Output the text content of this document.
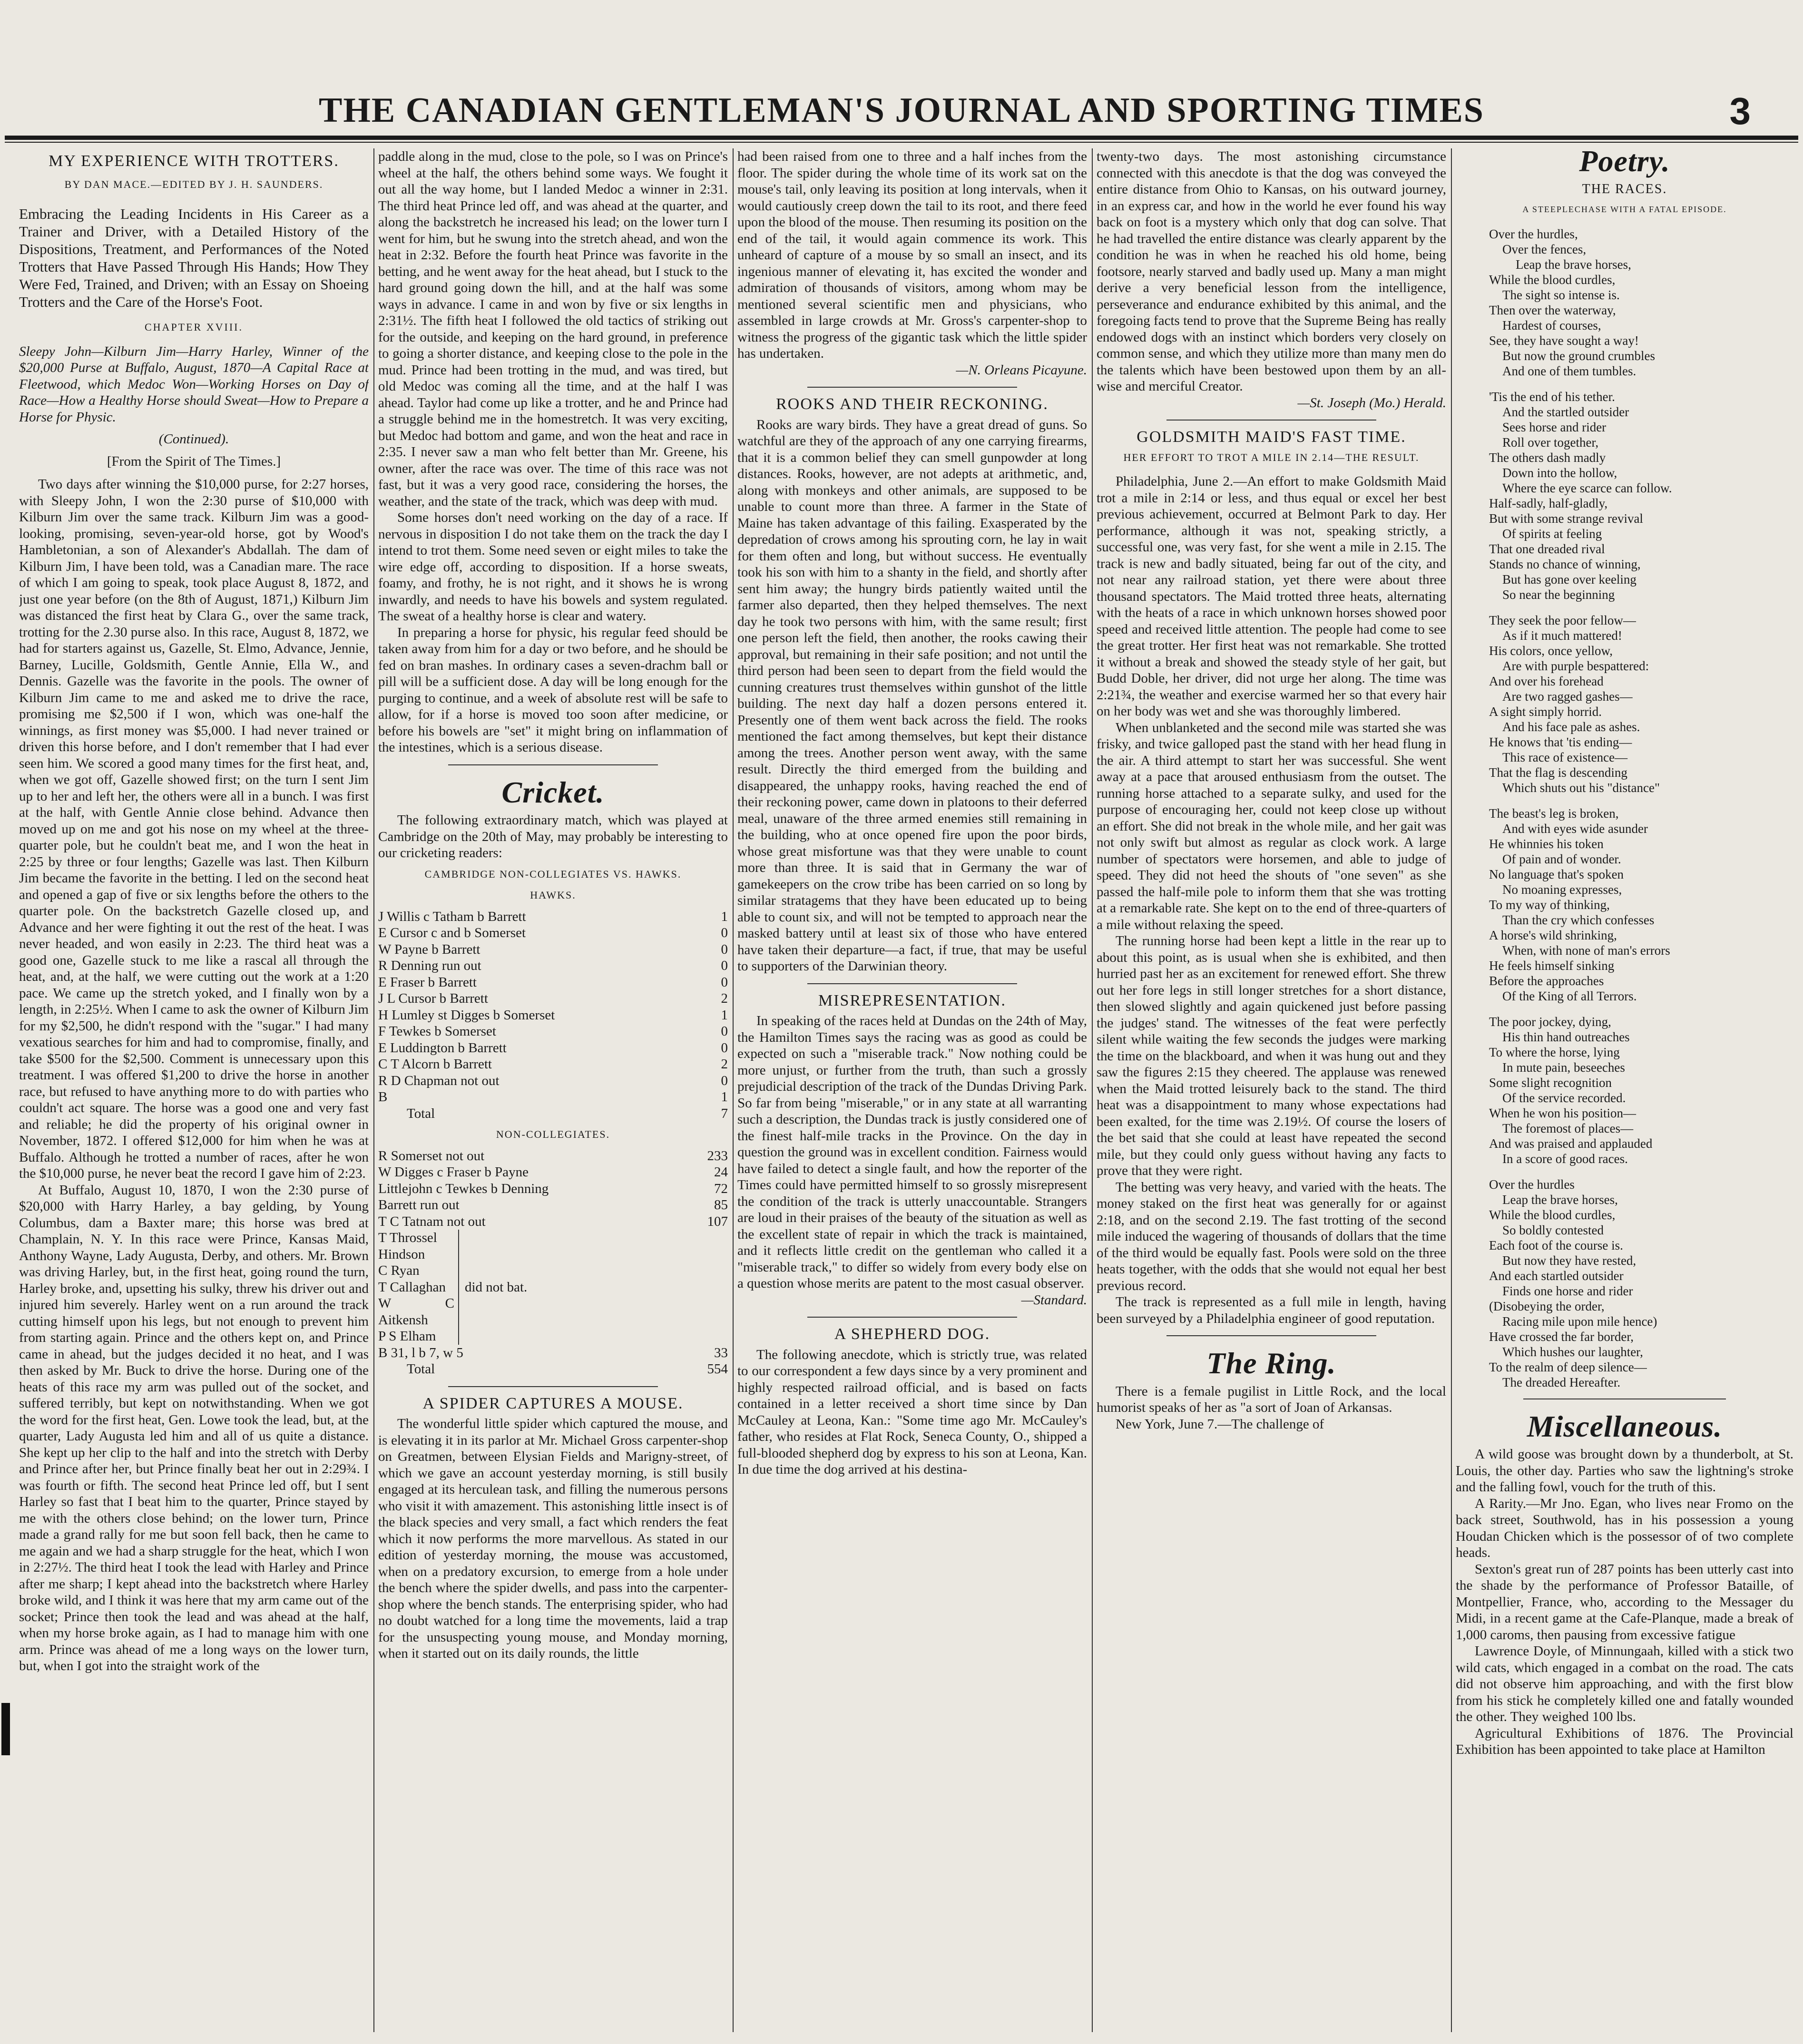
THE CANADIAN GENTLEMAN'S JOURNAL AND SPORTING TIMES	3
MY EXPERIENCE WITH TROTTERS.
BY DAN MACE.—EDITED BY J. H. SAUNDERS.

Embracing the Leading Incidents in His Career as a Trainer and Driver, with a Detailed History of the Dispositions, Treatment, and Performances of the Noted Trotters that Have Passed Through His Hands; How They Were Fed, Trained, and Driven; with an Essay on Shoeing Trotters and the Care of the Horse's Foot.

CHAPTER XVIII.

Sleepy John—Kilburn Jim—Harry Harley, Winner of the $20,000 Purse at Buffalo, August, 1870—A Capital Race at Fleetwood, which Medoc Won—Working Horses on Day of Race—How a Healthy Horse should Sweat—How to Prepare a Horse for Physic.

(Continued).
[From the Spirit of The Times.]

Two days after winning the $10,000 purse, for 2:27 horses, with Sleepy John, I won the 2:30 purse of $10,000 with Kilburn Jim over the same track. Kilburn Jim was a good-looking, promising, seven-year-old horse, got by Wood's Hambletonian, a son of Alexander's Abdallah. The dam of Kilburn Jim, I have been told, was a Canadian mare. The race of which I am going to speak, took place August 8, 1872, and just one year before (on the 8th of August, 1871,) Kilburn Jim was distanced the first heat by Clara G., over the same track, trotting for the 2.30 purse also. In this race, August 8, 1872, we had for starters against us, Gazelle, St. Elmo, Advance, Jennie, Barney, Lucille, Goldsmith, Gentle Annie, Ella W., and Dennis. Gazelle was the favorite in the pools. The owner of Kilburn Jim came to me and asked me to drive the race, promising me $2,500 if I won, which was one-half the winnings, as first money was $5,000. I had never trained or driven this horse before, and I don't remember that I had ever seen him. We scored a good many times for the first heat, and, when we got off, Gazelle showed first; on the turn I sent Jim up to her and left her, the others were all in a bunch. I was first at the half, with Gentle Annie close behind. Advance then moved up on me and got his nose on my wheel at the three-quarter pole, but he couldn't beat me, and I won the heat in 2:25 by three or four lengths; Gazelle was last. Then Kilburn Jim became the favorite in the betting. I led on the second heat and opened a gap of five or six lengths before the others to the quarter pole. On the backstretch Gazelle closed up, and Advance and her were fighting it out the rest of the heat. I was never headed, and won easily in 2:23. The third heat was a good one, Gazelle stuck to me like a rascal all through the heat, and, at the half, we were cutting out the work at a 1:20 pace. We came up the stretch yoked, and I finally won by a length, in 2:25½. When I came to ask the owner of Kilburn Jim for my $2,500, he didn't respond with the "sugar." I had many vexatious searches for him and had to compromise, finally, and take $500 for the $2,500. Comment is unnecessary upon this treatment. I was offered $1,200 to drive the horse in another race, but refused to have anything more to do with parties who couldn't act square. The horse was a good one and very fast and reliable; he did the property of his original owner in November, 1872. I offered $12,000 for him when he was at Buffalo. Although he trotted a number of races, after he won the $10,000 purse, he never beat the record I gave him of 2:23.

At Buffalo, August 10, 1870, I won the 2:30 purse of $20,000 with Harry Harley, a bay gelding, by Young Columbus, dam a Baxter mare; this horse was bred at Champlain, N. Y. In this race were Prince, Kansas Maid, Anthony Wayne, Lady Augusta, Derby, and others. Mr. Brown was driving Harley, but, in the first heat, going round the turn, Harley broke, and, upsetting his sulky, threw his driver out and injured him severely. Harley went on a run around the track cutting himself upon his legs, but not enough to prevent him from starting again. Prince and the others kept on, and Prince came in ahead, but the judges decided it no heat, and I was then asked by Mr. Buck to drive the horse. During one of the heats of this race my arm was pulled out of the socket, and suffered terribly, but kept on notwithstanding. When we got the word for the first heat, Gen. Lowe took the lead, but, at the quarter, Lady Augusta led him and all of us quite a distance. She kept up her clip to the half and into the stretch with Derby and Prince after her, but Prince finally beat her out in 2:29¾. I was fourth or fifth. The second heat Prince led off, but I sent Harley so fast that I beat him to the quarter, Prince stayed by me with the others close behind; on the lower turn, Prince made a grand rally for me but soon fell back, then he came to me again and we had a sharp struggle for the heat, which I won in 2:27½. The third heat I took the lead with Harley and Prince after me sharp; I kept ahead into the backstretch where Harley broke wild, and I think it was here that my arm came out of the socket; Prince then took the lead and was ahead at the half, when my horse broke again, as I had to manage him with one arm. Prince was ahead of me a long ways on the lower turn, but, when I got into the straight work of the

paddle along in the mud, close to the pole, so I was on Prince's wheel at the half, the others behind some ways. We fought it out all the way home, but I landed Medoc a winner in 2:31. The third heat Prince led off, and was ahead at the quarter, and along the backstretch he increased his lead; on the lower turn I went for him, but he swung into the stretch ahead, and won the heat in 2:32. Before the fourth heat Prince was favorite in the betting, and he went away for the heat ahead, but I stuck to the hard ground going down the hill, and at the half was some ways in advance. I came in and won by five or six lengths in 2:31½. The fifth heat I followed the old tactics of striking out for the outside, and keeping on the hard ground, in preference to going a shorter distance, and keeping close to the pole in the mud. Prince had been trotting in the mud, and was tired, but old Medoc was coming all the time, and at the half I was ahead. Taylor had come up like a trotter, and he and Prince had a struggle behind me in the homestretch. It was very exciting, but Medoc had bottom and game, and won the heat and race in 2:35. I never saw a man who felt better than Mr. Greene, his owner, after the race was over. The time of this race was not fast, but it was a very good race, considering the horses, the weather, and the state of the track, which was deep with mud.

Some horses don't need working on the day of a race. If nervous in disposition I do not take them on the track the day I intend to trot them. Some need seven or eight miles to take the wire edge off, according to disposition. If a horse sweats, foamy, and frothy, he is not right, and it shows he is wrong inwardly, and needs to have his bowels and system regulated. The sweat of a healthy horse is clear and watery.

In preparing a horse for physic, his regular feed should be taken away from him for a day or two before, and he should be fed on bran mashes. In ordinary cases a seven-drachm ball or pill will be a sufficient dose. A day will be long enough for the purging to continue, and a week of absolute rest will be safe to allow, for if a horse is moved too soon after medicine, or before his bowels are "set" it might bring on inflammation of the intestines, which is a serious disease.

Cricket.

The following extraordinary match, which was played at Cambridge on the 20th of May, may probably be interesting to our cricketing readers:

CAMBRIDGE NON-COLLEGIATES VS. HAWKS.
HAWKS.
J Willis c Tatham b Barrett	1
E Cursor c and b Somerset	0
W Payne b Barrett	0
R Denning run out	0
E Fraser b Barrett	0
J L Cursor b Barrett	2
H Lumley st Digges b Somerset	1
F Tewkes b Somerset	0
E Luddington b Barrett	0
C T Alcorn b Barrett	2
R D Chapman not out	0
B	1
Total	7
NON-COLLEGIATES.
R Somerset not out	233
W Digges c Fraser b Payne	24
Littlejohn c Tewkes b Denning	72
Barrett run out	85
T C Tatnam not out	107
T Throssel
Hindson
C Ryan
T Callaghan
W C Aitkensh
P S Elham
did not bat.
B 31, l b 7, w 5	33
Total	554
A SPIDER CAPTURES A MOUSE.

The wonderful little spider which captured the mouse, and is elevating it in its parlor at Mr. Michael Gross carpenter-shop on Greatmen, between Elysian Fields and Marigny-street, of which we gave an account yesterday morning, is still busily engaged at its herculean task, and filling the numerous persons who visit it with amazement. This astonishing little insect is of the black species and very small, a fact which renders the feat which it now performs the more marvellous. As stated in our edition of yesterday morning, the mouse was accustomed, when on a predatory excursion, to emerge from a hole under the bench where the spider dwells, and pass into the carpenter-shop where the bench stands. The enterprising spider, who had no doubt watched for a long time the movements, laid a trap for the unsuspecting young mouse, and Monday morning, when it started out on its daily rounds, the little

had been raised from one to three and a half inches from the floor. The spider during the whole time of its work sat on the mouse's tail, only leaving its position at long intervals, when it would cautiously creep down the tail to its root, and there feed upon the blood of the mouse. Then resuming its position on the end of the tail, it would again commence its work. This unheard of capture of a mouse by so small an insect, and its ingenious manner of elevating it, has excited the wonder and admiration of thousands of visitors, among whom may be mentioned several scientific men and physicians, who assembled in large crowds at Mr. Gross's carpenter-shop to witness the progress of the gigantic task which the little spider has undertaken.

—N. Orleans Picayune.
ROOKS AND THEIR RECKONING.

Rooks are wary birds. They have a great dread of guns. So watchful are they of the approach of any one carrying firearms, that it is a common belief they can smell gunpowder at long distances. Rooks, however, are not adepts at arithmetic, and, along with monkeys and other animals, are supposed to be unable to count more than three. A farmer in the State of Maine has taken advantage of this failing. Exasperated by the depredation of crows among his sprouting corn, he lay in wait for them often and long, but without success. He eventually took his son with him to a shanty in the field, and shortly after sent him away; the hungry birds patiently waited until the farmer also departed, then they helped themselves. The next day he took two persons with him, with the same result; first one person left the field, then another, the rooks cawing their approval, but remaining in their safe position; and not until the third person had been seen to depart from the field would the cunning creatures trust themselves within gunshot of the little building. The next day half a dozen persons entered it. Presently one of them went back across the field. The rooks mentioned the fact among themselves, but kept their distance among the trees. Another person went away, with the same result. Directly the third emerged from the building and disappeared, the unhappy rooks, having reached the end of their reckoning power, came down in platoons to their deferred meal, unaware of the three armed enemies still remaining in the building, who at once opened fire upon the poor birds, whose great misfortune was that they were unable to count more than three. It is said that in Germany the war of gamekeepers on the crow tribe has been carried on so long by similar stratagems that they have been educated up to being able to count six, and will not be tempted to approach near the masked battery until at least six of those who have entered have taken their departure—a fact, if true, that may be useful to supporters of the Darwinian theory.

MISREPRESENTATION.

In speaking of the races held at Dundas on the 24th of May, the Hamilton Times says the racing was as good as could be expected on such a "miserable track." Now nothing could be more unjust, or further from the truth, than such a grossly prejudicial description of the track of the Dundas Driving Park. So far from being "miserable," or in any state at all warranting such a description, the Dundas track is justly considered one of the finest half-mile tracks in the Province. On the day in question the ground was in excellent condition. Fairness would have failed to detect a single fault, and how the reporter of the Times could have permitted himself to so grossly misrepresent the condition of the track is utterly unaccountable. Strangers are loud in their praises of the beauty of the situation as well as the excellent state of repair in which the track is maintained, and it reflects little credit on the gentleman who called it a "miserable track," to differ so widely from every body else on a question whose merits are patent to the most casual observer.

—Standard.
A SHEPHERD DOG.

The following anecdote, which is strictly true, was related to our correspondent a few days since by a very prominent and highly respected railroad official, and is based on facts contained in a letter received a short time since by Dan McCauley at Leona, Kan.: "Some time ago Mr. McCauley's father, who resides at Flat Rock, Seneca County, O., shipped a full-blooded shepherd dog by express to his son at Leona, Kan. In due time the dog arrived at his destina-

twenty-two days. The most astonishing circumstance connected with this anecdote is that the dog was conveyed the entire distance from Ohio to Kansas, on his outward journey, in an express car, and how in the world he ever found his way back on foot is a mystery which only that dog can solve. That he had travelled the entire distance was clearly apparent by the condition he was in when he reached his old home, being footsore, nearly starved and badly used up. Many a man might derive a very beneficial lesson from the intelligence, perseverance and endurance exhibited by this animal, and the foregoing facts tend to prove that the Supreme Being has really endowed dogs with an instinct which borders very closely on common sense, and which they utilize more than many men do the talents which have been bestowed upon them by an all-wise and merciful Creator.

—St. Joseph (Mo.) Herald.
GOLDSMITH MAID'S FAST TIME.
HER EFFORT TO TROT A MILE IN 2.14—THE RESULT.

Philadelphia, June 2.—An effort to make Goldsmith Maid trot a mile in 2:14 or less, and thus equal or excel her best previous achievement, occurred at Belmont Park to day. Her performance, although it was not, speaking strictly, a successful one, was very fast, for she went a mile in 2.15. The track is new and badly situated, being far out of the city, and not near any railroad station, yet there were about three thousand spectators. The Maid trotted three heats, alternating with the heats of a race in which unknown horses showed poor speed and received little attention. The people had come to see the great trotter. Her first heat was not remarkable. She trotted it without a break and showed the steady style of her gait, but Budd Doble, her driver, did not urge her along. The time was 2:21¾, the weather and exercise warmed her so that every hair on her body was wet and she was thoroughly limbered.

When unblanketed and the second mile was started she was frisky, and twice galloped past the stand with her head flung in the air. A third attempt to start her was successful. She went away at a pace that aroused enthusiasm from the outset. The running horse attached to a separate sulky, and used for the purpose of encouraging her, could not keep close up without an effort. She did not break in the whole mile, and her gait was not only swift but almost as regular as clock work. A large number of spectators were horsemen, and able to judge of speed. They did not heed the shouts of "one seven" as she passed the half-mile pole to inform them that she was trotting at a remarkable rate. She kept on to the end of three-quarters of a mile without relaxing the speed.

The running horse had been kept a little in the rear up to about this point, as is usual when she is exhibited, and then hurried past her as an excitement for renewed effort. She threw out her fore legs in still longer stretches for a short distance, then slowed slightly and again quickened just before passing the judges' stand. The witnesses of the feat were perfectly silent while waiting the few seconds the judges were marking the time on the blackboard, and when it was hung out and they saw the figures 2:15 they cheered. The applause was renewed when the Maid trotted leisurely back to the stand. The third heat was a disappointment to many whose expectations had been exalted, for the time was 2.19½. Of course the losers of the bet said that she could at least have repeated the second mile, but they could only guess without having any facts to prove that they were right.

The betting was very heavy, and varied with the heats. The money staked on the first heat was generally for or against 2:18, and on the second 2.19. The fast trotting of the second mile induced the wagering of thousands of dollars that the time of the third would be equally fast. Pools were sold on the three heats together, with the odds that she would not equal her best previous record.

The track is represented as a full mile in length, having been surveyed by a Philadelphia engineer of good reputation.

The Ring.

There is a female pugilist in Little Rock, and the local humorist speaks of her as "a sort of Joan of Arkansas.

New York, June 7.—The challenge of

Poetry.
THE RACES.
A STEEPLECHASE WITH A FATAL EPISODE.
Over the hurdles,
Over the fences,
Leap the brave horses,
While the blood curdles,
The sight so intense is.
Then over the waterway,
Hardest of courses,
See, they have sought a way!
But now the ground crumbles
And one of them tumbles.
'Tis the end of his tether.
And the startled outsider
Sees horse and rider
Roll over together,
The others dash madly
Down into the hollow,
Where the eye scarce can follow.
Half-sadly, half-gladly,
But with some strange revival
Of spirits at feeling
That one dreaded rival
Stands no chance of winning,
But has gone over keeling
So near the beginning
They seek the poor fellow—
As if it much mattered!
His colors, once yellow,
Are with purple bespattered:
And over his forehead
Are two ragged gashes—
A sight simply horrid.
And his face pale as ashes.
He knows that 'tis ending—
This race of existence—
That the flag is descending
Which shuts out his "distance"
The beast's leg is broken,
And with eyes wide asunder
He whinnies his token
Of pain and of wonder.
No language that's spoken
No moaning expresses,
To my way of thinking,
Than the cry which confesses
A horse's wild shrinking,
When, with none of man's errors
He feels himself sinking
Before the approaches
Of the King of all Terrors.
The poor jockey, dying,
His thin hand outreaches
To where the horse, lying
In mute pain, beseeches
Some slight recognition
Of the service recorded.
When he won his position—
The foremost of places—
And was praised and applauded
In a score of good races.
Over the hurdles
Leap the brave horses,
While the blood curdles,
So boldly contested
Each foot of the course is.
But now they have rested,
And each startled outsider
Finds one horse and rider
(Disobeying the order,
Racing mile upon mile hence)
Have crossed the far border,
Which hushes our laughter,
To the realm of deep silence—
The dreaded Hereafter.
Miscellaneous.

A wild goose was brought down by a thunderbolt, at St. Louis, the other day. Parties who saw the lightning's stroke and the falling fowl, vouch for the truth of this.

A Rarity.—Mr Jno. Egan, who lives near Fromo on the back street, Southwold, has in his possession a young Houdan Chicken which is the possessor of of two complete heads.

Sexton's great run of 287 points has been utterly cast into the shade by the performance of Professor Bataille, of Montpellier, France, who, according to the Messager du Midi, in a recent game at the Cafe-Planque, made a break of 1,000 caroms, then pausing from excessive fatigue

Lawrence Doyle, of Minnungaah, killed with a stick two wild cats, which engaged in a combat on the road. The cats did not observe him approaching, and with the first blow from his stick he completely killed one and fatally wounded the other. They weighed 100 lbs.

Agricultural Exhibitions of 1876. The Provincial Exhibition has been appointed to take place at Hamilton
